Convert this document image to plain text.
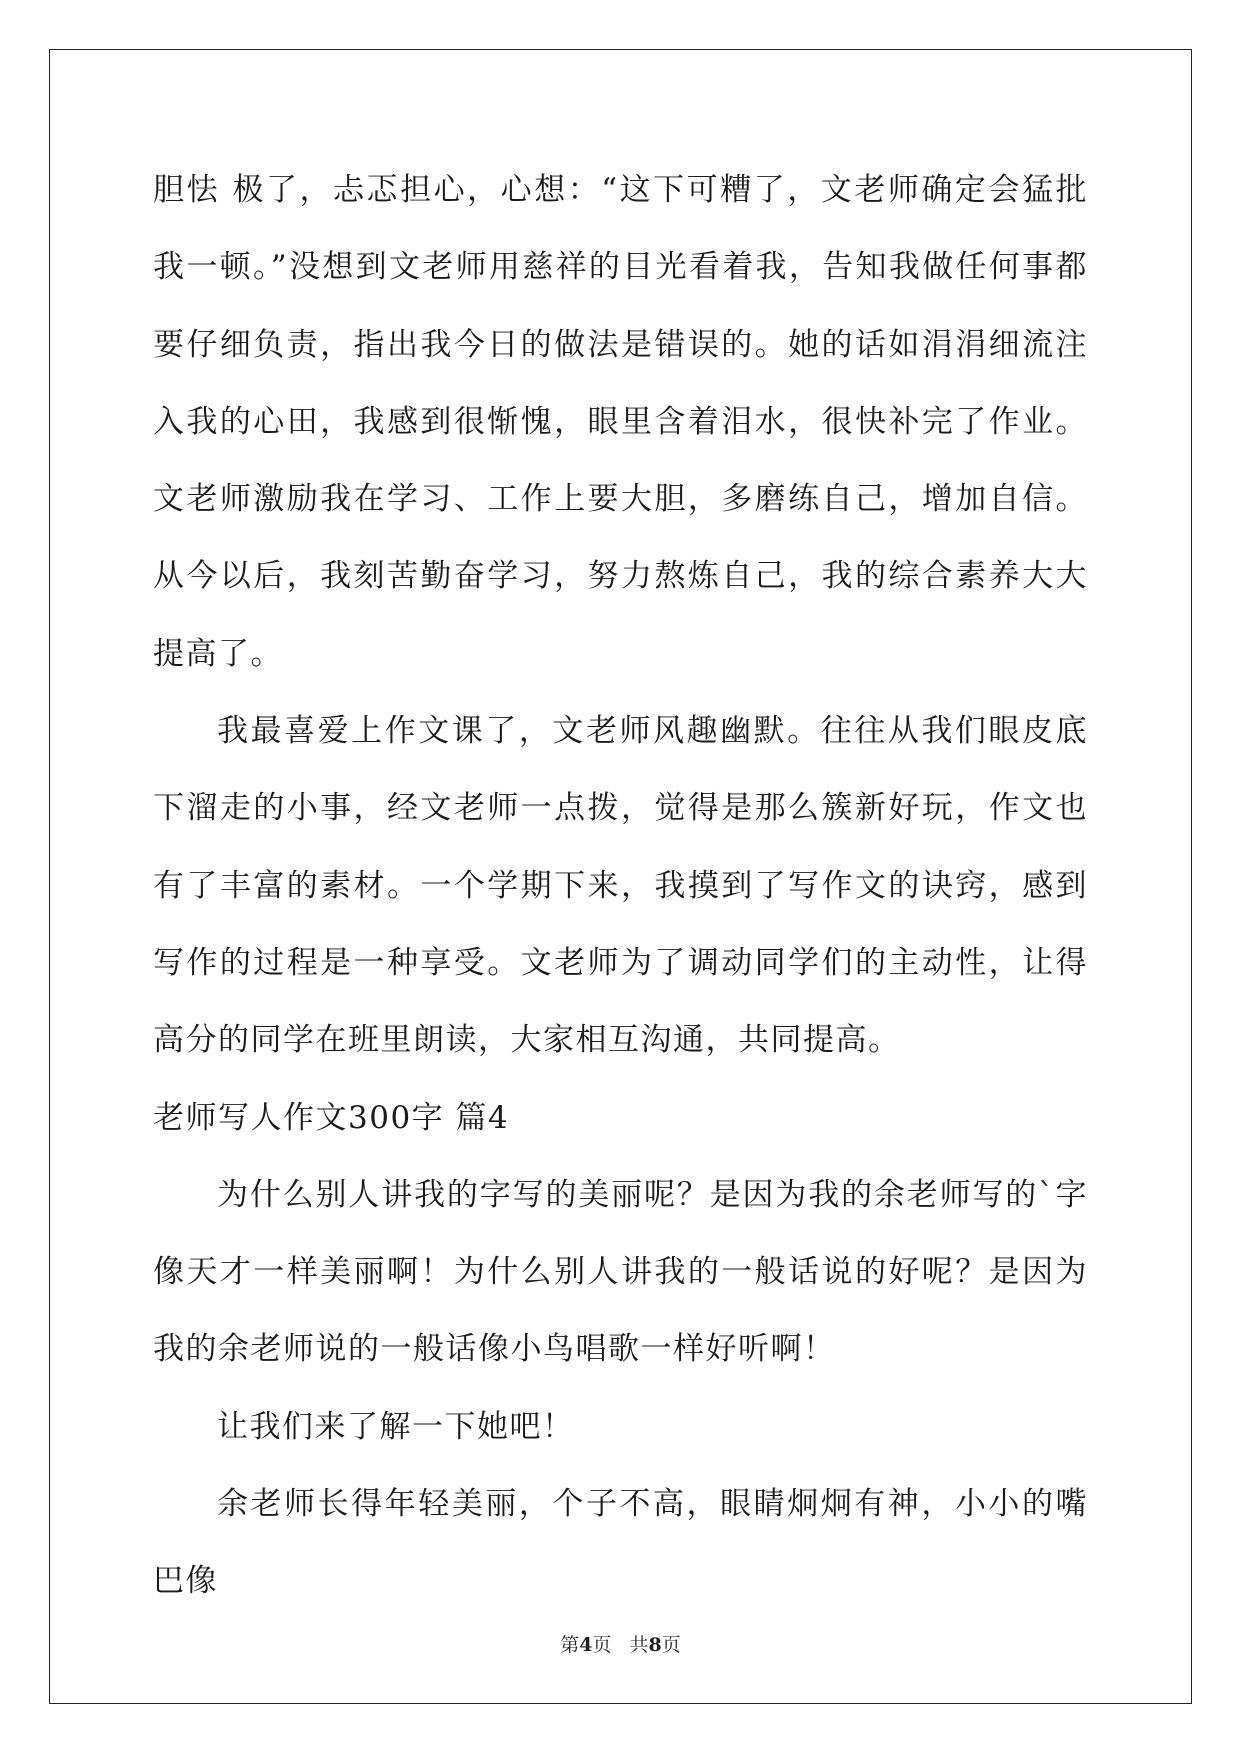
胆怯 极了，忐忑担心，心想：“这下可糟了，文老师确定会猛批我一顿。”没想到文老师用慈祥的目光看着我，告知我做任何事都要仔细负责，指出我今日的做法是错误的。她的话如涓涓细流注入我的心田，我感到很惭愧，眼里含着泪水，很快补完了作业。文老师激励我在学习、工作上要大胆，多磨练自己，增加自信。从今以后，我刻苦勤奋学习，努力熬炼自己，我的综合素养大大提高了。

我最喜爱上作文课了，文老师风趣幽默。往往从我们眼皮底下溜走的小事，经文老师一点拨，觉得是那么簇新好玩，作文也有了丰富的素材。一个学期下来，我摸到了写作文的诀窍，感到写作的过程是一种享受。文老师为了调动同学们的主动性，让得高分的同学在班里朗读，大家相互沟通，共同提高。

老师写人作文300字 篇4

为什么别人讲我的字写的美丽呢？是因为我的余老师写的`字像天才一样美丽啊！为什么别人讲我的一般话说的好呢？是因为我的余老师说的一般话像小鸟唱歌一样好听啊！

让我们来了解一下她吧！

余老师长得年轻美丽，个子不高，眼睛炯炯有神，小小的嘴巴像

第4页 共8页
